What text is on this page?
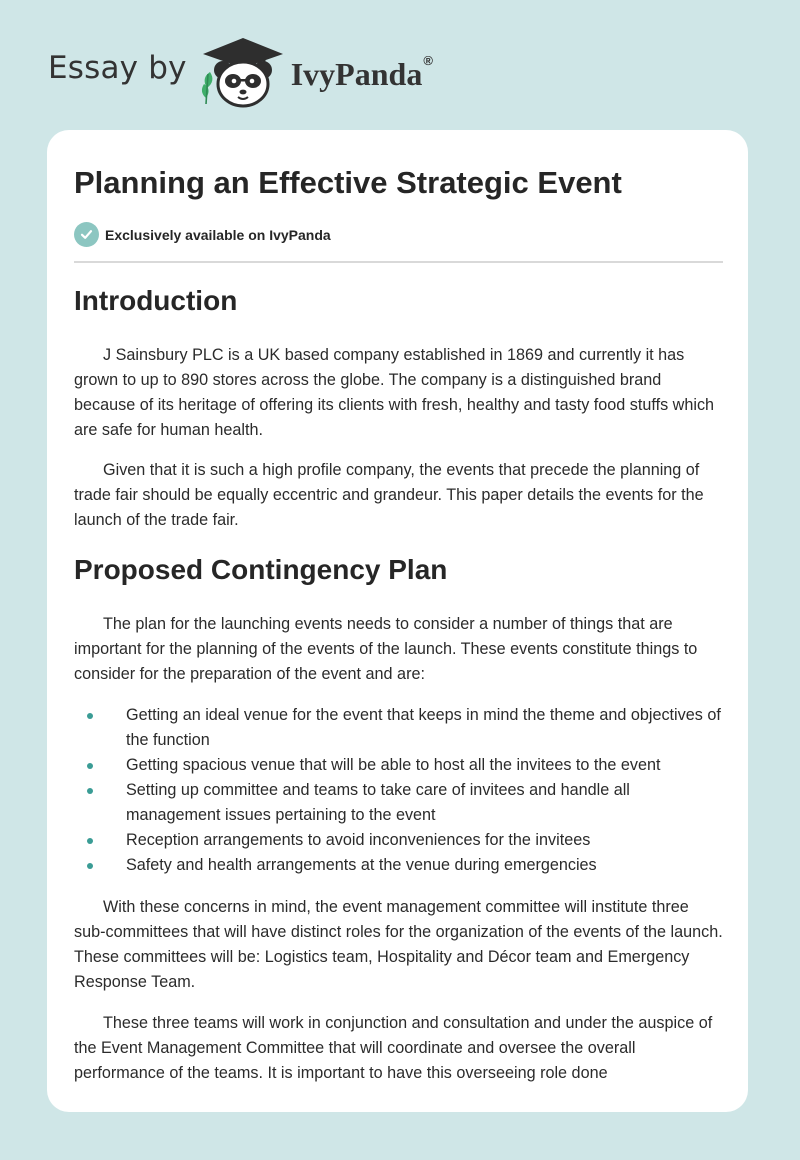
Essay by	IvyPanda ®
Planning an Effective Strategic Event
Exclusively available on IvyPanda
Introduction

J Sainsbury PLC is a UK based company established in 1869 and currently it has grown to up to 890 stores across the globe. The company is a distinguished brand because of its heritage of offering its clients with fresh, healthy and tasty food stuffs which are safe for human health.

Given that it is such a high profile company, the events that precede the planning of trade fair should be equally eccentric and grandeur. This paper details the events for the launch of the trade fair.

Proposed Contingency Plan

The plan for the launching events needs to consider a number of things that are important for the planning of the events of the launch. These events constitute things to consider for the preparation of the event and are:

Getting an ideal venue for the event that keeps in mind the theme and objectives of the function
Getting spacious venue that will be able to host all the invitees to the event
Setting up committee and teams to take care of invitees and handle all management issues pertaining to the event
Reception arrangements to avoid inconveniences for the invitees
Safety and health arrangements at the venue during emergencies

With these concerns in mind, the event management committee will institute three sub-committees that will have distinct roles for the organization of the events of the launch. These committees will be: Logistics team, Hospitality and Décor team and Emergency Response Team.

These three teams will work in conjunction and consultation and under the auspice of the Event Management Committee that will coordinate and oversee the overall performance of the teams. It is important to have this overseeing role done
